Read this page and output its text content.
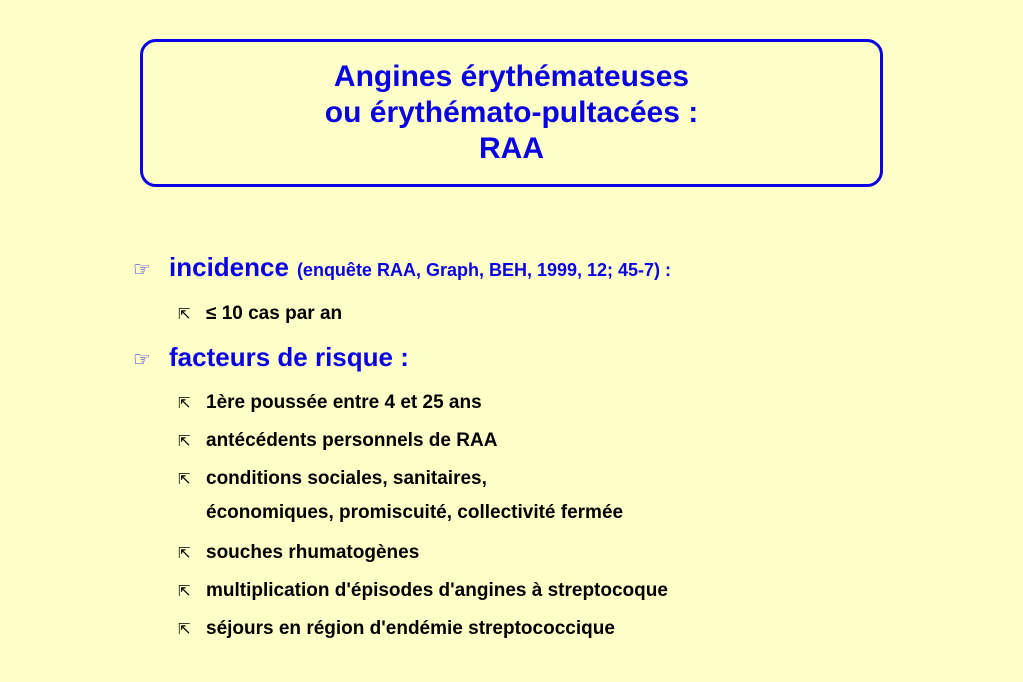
Angines érythémateuses
ou érythémato-pultacées :
RAA
☞ incidence (enquête RAA, Graph, BEH, 1999, 12; 45-7) :
⇱ ≤ 10 cas par an
☞ facteurs de risque :
⇱ 1ère poussée entre 4 et 25 ans
⇱ antécédents personnels de RAA
⇱ conditions sociales, sanitaires,
économiques, promiscuité, collectivité fermée
⇱ souches rhumatogènes
⇱ multiplication d'épisodes d'angines à streptocoque
⇱ séjours en région d'endémie streptococcique
